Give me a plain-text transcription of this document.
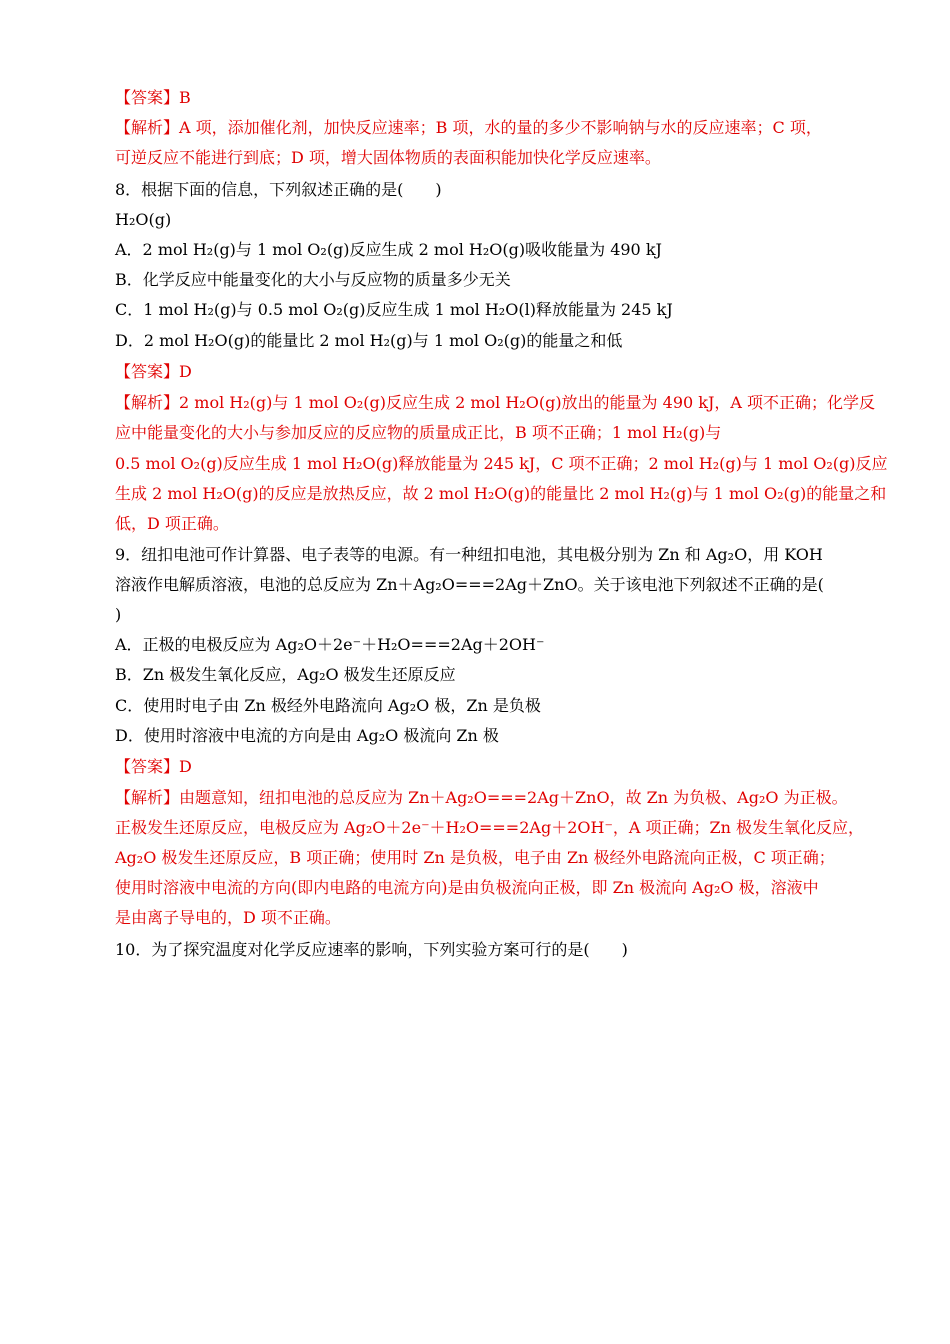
【答案】B
【解析】A 项，添加催化剂，加快反应速率；B 项，水的量的多少不影响钠与水的反应速率；C 项，
可逆反应不能进行到底；D 项，增大固体物质的表面积能加快化学反应速率。
8．根据下面的信息，下列叙述正确的是(　　)
H₂O(g)
A．2 mol H₂(g)与 1 mol O₂(g)反应生成 2 mol H₂O(g)吸收能量为 490 kJ
B．化学反应中能量变化的大小与反应物的质量多少无关
C．1 mol H₂(g)与 0.5 mol O₂(g)反应生成 1 mol H₂O(l)释放能量为 245 kJ
D．2 mol H₂O(g)的能量比 2 mol H₂(g)与 1 mol O₂(g)的能量之和低
【答案】D
【解析】2 mol H₂(g)与 1 mol O₂(g)反应生成 2 mol H₂O(g)放出的能量为 490 kJ，A 项不正确；化学反
应中能量变化的大小与参加反应的反应物的质量成正比，B 项不正确；1 mol H₂(g)与
0.5 mol O₂(g)反应生成 1 mol H₂O(g)释放能量为 245 kJ，C 项不正确；2 mol H₂(g)与 1 mol O₂(g)反应
生成 2 mol H₂O(g)的反应是放热反应，故 2 mol H₂O(g)的能量比 2 mol H₂(g)与 1 mol O₂(g)的能量之和
低，D 项正确。
9．纽扣电池可作计算器、电子表等的电源。有一种纽扣电池，其电极分别为 Zn 和 Ag₂O，用 KOH
溶液作电解质溶液，电池的总反应为 Zn＋Ag₂O===2Ag＋ZnO。关于该电池下列叙述不正确的是(
)
A．正极的电极反应为 Ag₂O＋2e⁻＋H₂O===2Ag＋2OH⁻
B．Zn 极发生氧化反应，Ag₂O 极发生还原反应
C．使用时电子由 Zn 极经外电路流向 Ag₂O 极，Zn 是负极
D．使用时溶液中电流的方向是由 Ag₂O 极流向 Zn 极
【答案】D
【解析】由题意知，纽扣电池的总反应为 Zn＋Ag₂O===2Ag＋ZnO，故 Zn 为负极、Ag₂O 为正极。
正极发生还原反应，电极反应为 Ag₂O＋2e⁻＋H₂O===2Ag＋2OH⁻，A 项正确；Zn 极发生氧化反应，
Ag₂O 极发生还原反应，B 项正确；使用时 Zn 是负极，电子由 Zn 极经外电路流向正极，C 项正确；
使用时溶液中电流的方向(即内电路的电流方向)是由负极流向正极，即 Zn 极流向 Ag₂O 极，溶液中
是由离子导电的，D 项不正确。
10．为了探究温度对化学反应速率的影响，下列实验方案可行的是(　　)
